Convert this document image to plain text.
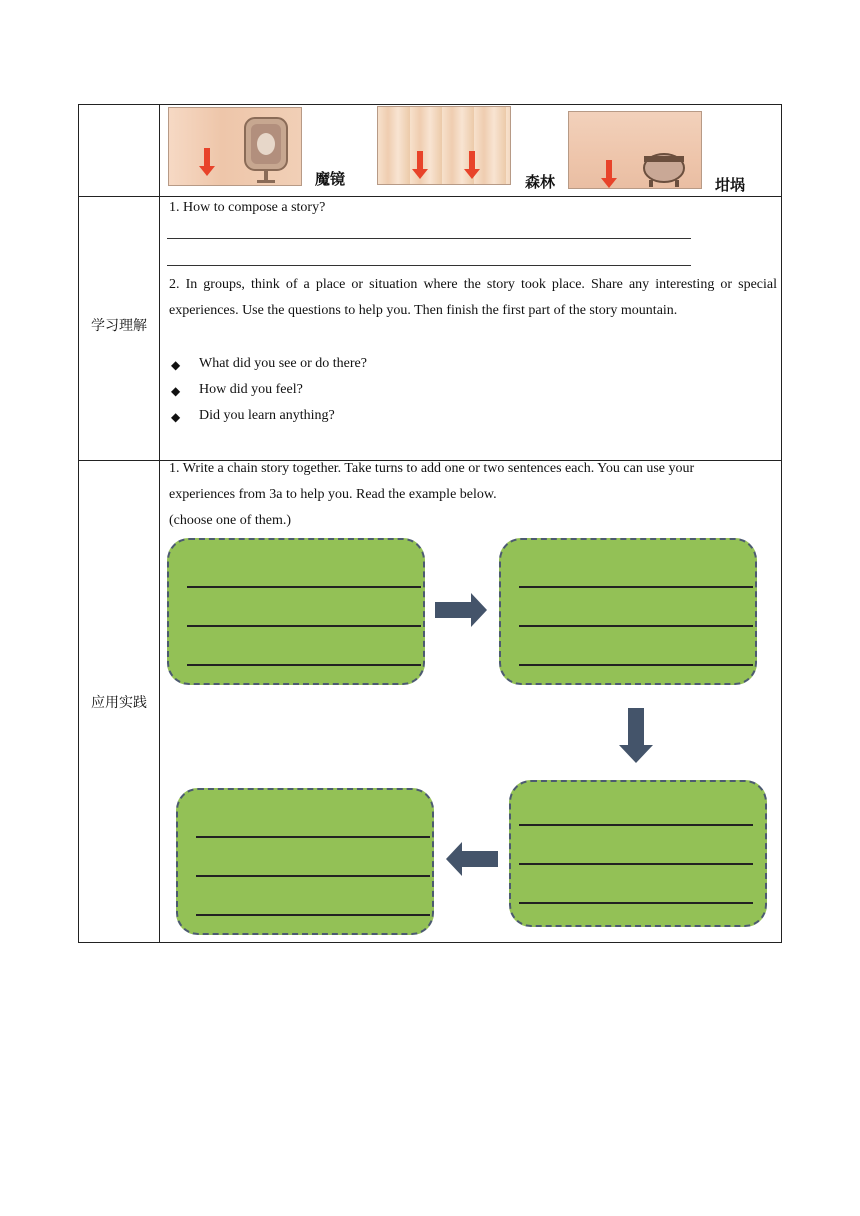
学习理解
应用实践
魔镜	森林	坩埚
1. How to compose a story?
2. In groups, think of a place or situation where the story took place. Share any interesting or special experiences. Use the questions to help you. Then finish the first part of the story mountain.
◆ What did you see or do there?
◆ How did you feel?
◆ Did you learn anything?
1. Write a chain story together. Take turns to add one or two sentences each. You can use your
experiences from 3a to help you. Read the example below.
(choose one of them.)
